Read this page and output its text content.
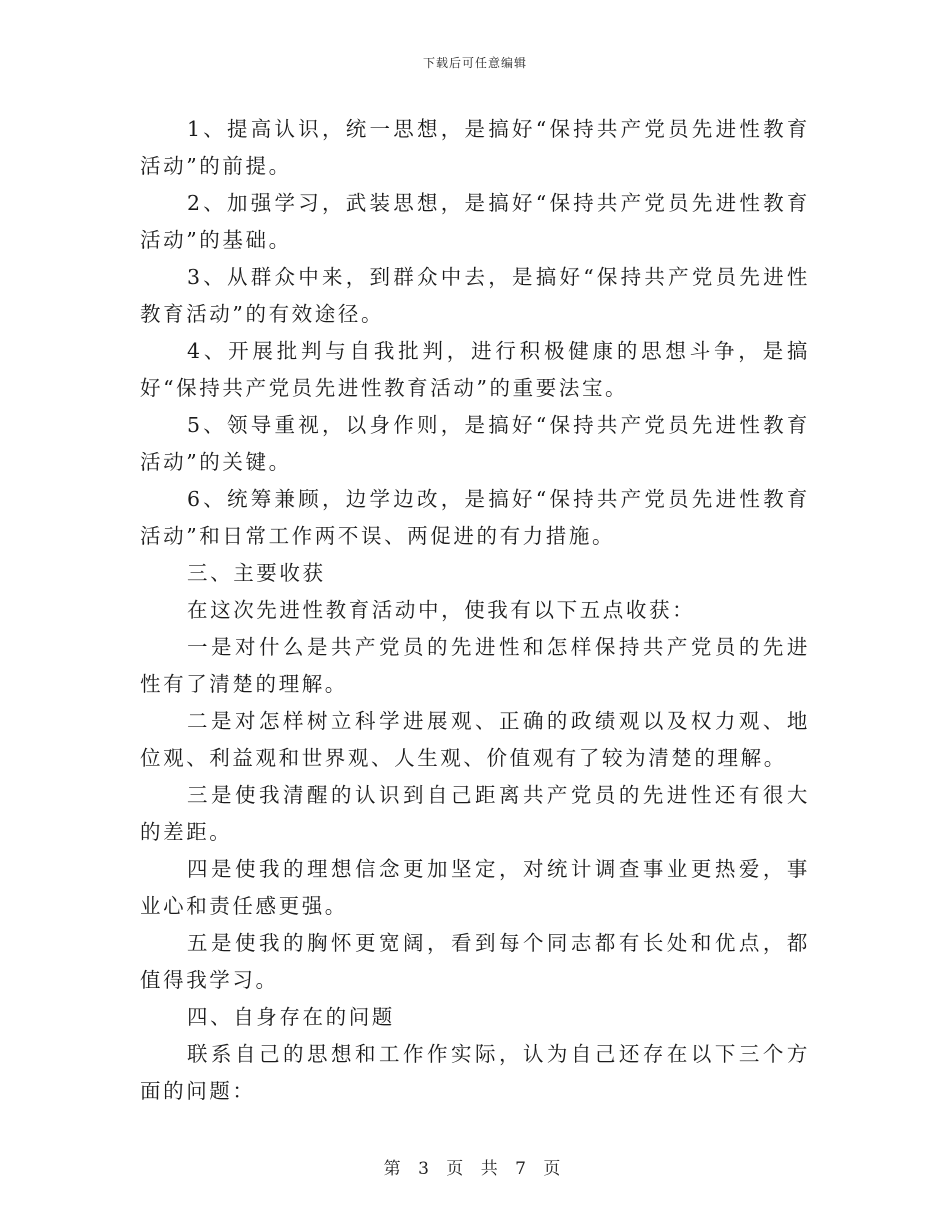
下载后可任意编辑

1、提高认识，统一思想，是搞好“保持共产党员先进性教育活动”的前提。

2、加强学习，武装思想，是搞好“保持共产党员先进性教育活动”的基础。

3、从群众中来，到群众中去，是搞好“保持共产党员先进性教育活动”的有效途径。

4、开展批判与自我批判，进行积极健康的思想斗争，是搞好“保持共产党员先进性教育活动”的重要法宝。

5、领导重视，以身作则，是搞好“保持共产党员先进性教育活动”的关键。

6、统筹兼顾，边学边改，是搞好“保持共产党员先进性教育活动”和日常工作两不误、两促进的有力措施。

三、主要收获

在这次先进性教育活动中，使我有以下五点收获：

一是对什么是共产党员的先进性和怎样保持共产党员的先进性有了清楚的理解。

二是对怎样树立科学进展观、正确的政绩观以及权力观、地位观、利益观和世界观、人生观、价值观有了较为清楚的理解。

三是使我清醒的认识到自己距离共产党员的先进性还有很大的差距。

四是使我的理想信念更加坚定，对统计调查事业更热爱，事业心和责任感更强。

五是使我的胸怀更宽阔，看到每个同志都有长处和优点，都值得我学习。

四、自身存在的问题

联系自己的思想和工作作实际，认为自己还存在以下三个方面的问题：

第 3 页 共 7 页
